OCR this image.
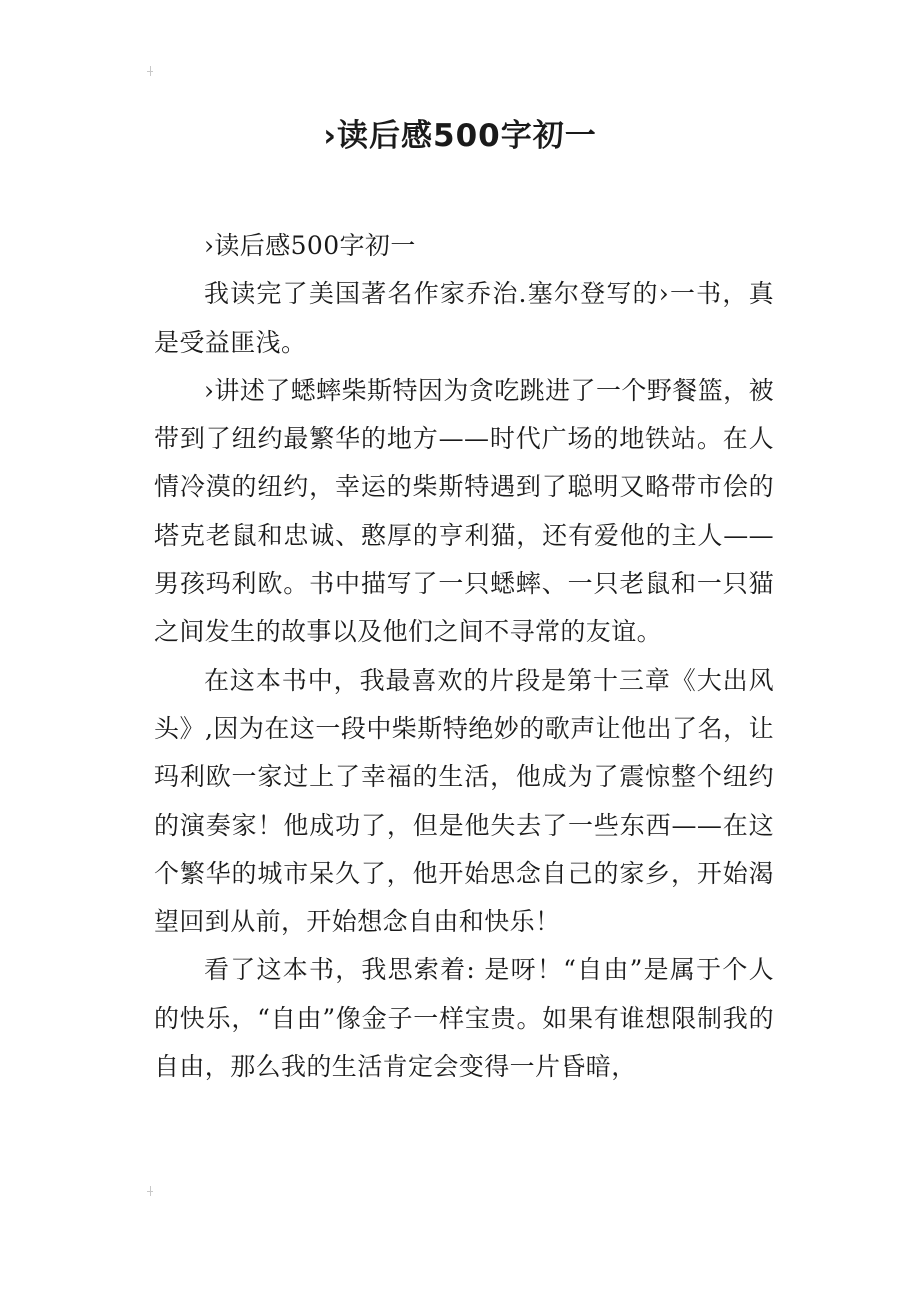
›读后感500字初一

›读后感500字初一

我读完了美国著名作家乔治.塞尔登写的›一书，真是受益匪浅。

›讲述了蟋蟀柴斯特因为贪吃跳进了一个野餐篮，被带到了纽约最繁华的地方——时代广场的地铁站。在人情冷漠的纽约，幸运的柴斯特遇到了聪明又略带市侩的塔克老鼠和忠诚、憨厚的亨利猫，还有爱他的主人——男孩玛利欧。书中描写了一只蟋蟀、一只老鼠和一只猫之间发生的故事以及他们之间不寻常的友谊。

在这本书中，我最喜欢的片段是第十三章《大出风头》,因为在这一段中柴斯特绝妙的歌声让他出了名，让玛利欧一家过上了幸福的生活，他成为了震惊整个纽约的演奏家！他成功了，但是他失去了一些东西——在这个繁华的城市呆久了，他开始思念自己的家乡，开始渴望回到从前，开始想念自由和快乐！

看了这本书，我思索着: 是呀！“自由”是属于个人的快乐，“自由”像金子一样宝贵。如果有谁想限制我的自由，那么我的生活肯定会变得一片昏暗，
